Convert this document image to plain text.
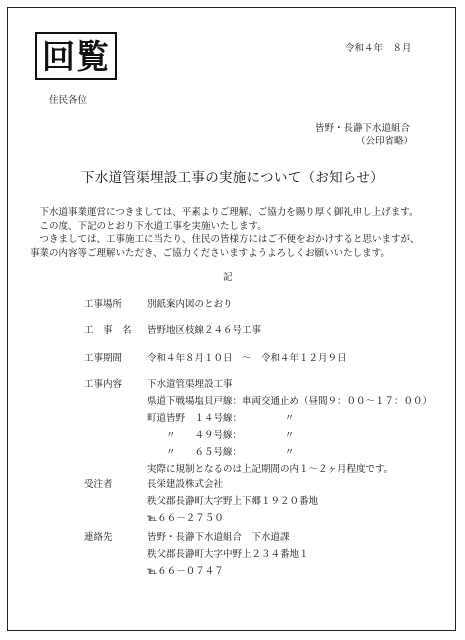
回覧	令和４年　８月
住民各位
皆野・長瀞下水道組合
（公印省略）
下水道管渠埋設工事の実施について（お知らせ）

下水道事業運営につきましては、平素よりご理解、ご協力を賜り厚く御礼申し上げます。

この度、下記のとおり下水道工事を実施いたします。

つきましては、工事施工に当たり、住民の皆様方にはご不便をおかけすると思いますが、

事業の内容等ご理解いただき、ご協力くださいますようよろしくお願いいたします。

記
工事場所	別紙案内図のとおり
工　事　名 皆野地区枝線２４６号工事
工事期間	令和４年８月１０日　～　令和４年１２月９日
工事内容	下水道管渠埋設工事
県道下戦場塩貝戸線：車両交通止め（昼間９：００～１７：００）
町道皆野　１４号線：　　　　　〃
　　〃　　４９号線：　　　　　〃
　　〃　　６５号線：　　　　　〃
実際に規制となるのは上記期間の内１～２ヶ月程度です。
受注者	長栄建設株式会社
秩父郡長瀞町大字野上下郷１９２０番地
℡６６－２７５０
連絡先	皆野・長瀞下水道組合　下水道課
秩父郡長瀞町大字中野上２３４番地１
℡６６－０７４７
